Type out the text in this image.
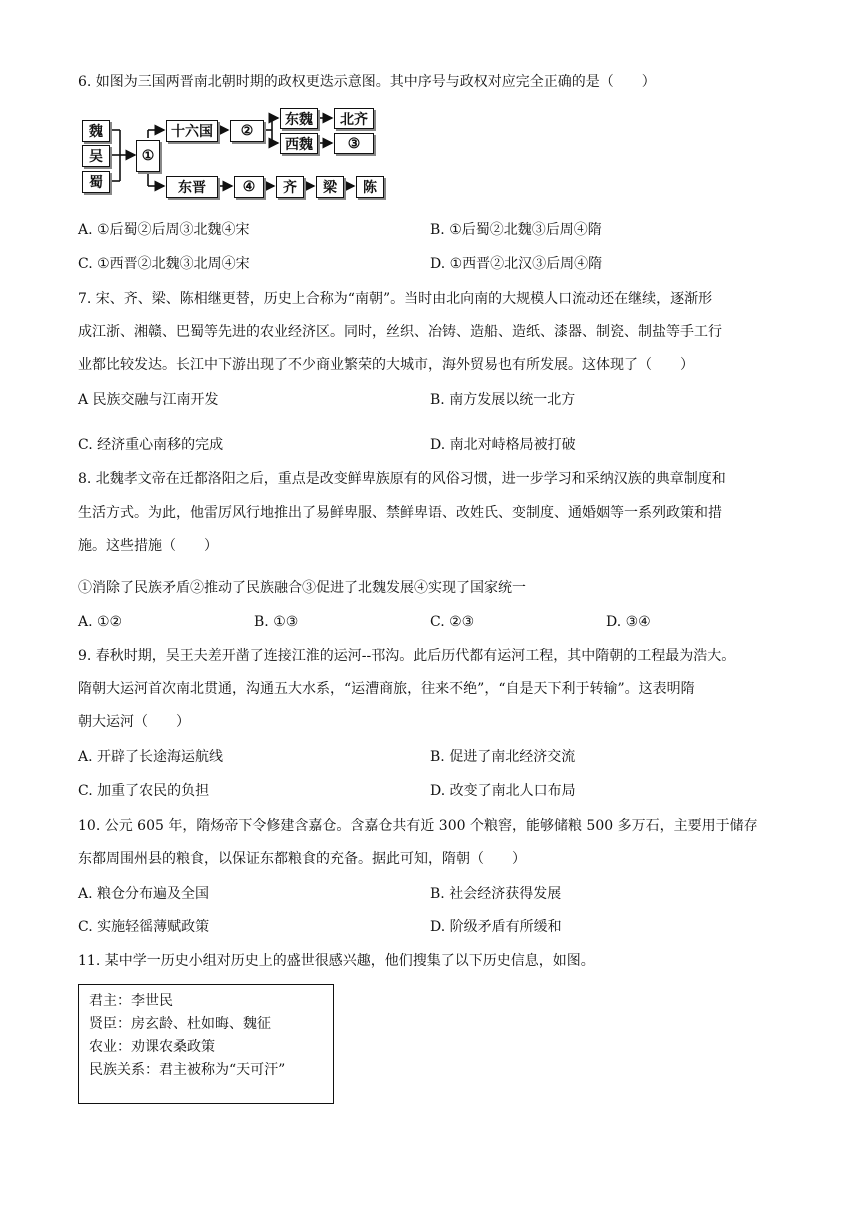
6. 如图为三国两晋南北朝时期的政权更迭示意图。其中序号与政权对应完全正确的是（　　）
魏
吴
蜀
①
十六国	②
东魏
西魏
北齐
③
东晋	④	齐	梁	陈
A. ①后蜀②后周③北魏④宋	B. ①后蜀②北魏③后周④隋
C. ①西晋②北魏③北周④宋	D. ①西晋②北汉③后周④隋
7. 宋、齐、梁、陈相继更替，历史上合称为“南朝”。当时由北向南的大规模人口流动还在继续，逐渐形
成江浙、湘赣、巴蜀等先进的农业经济区。同时，丝织、冶铸、造船、造纸、漆器、制瓷、制盐等手工行
业都比较发达。长江中下游出现了不少商业繁荣的大城市，海外贸易也有所发展。这体现了（　　）
A 民族交融与江南开发	B. 南方发展以统一北方
C. 经济重心南移的完成	D. 南北对峙格局被打破
8. 北魏孝文帝在迁都洛阳之后，重点是改变鲜卑族原有的风俗习惯，进一步学习和采纳汉族的典章制度和
生活方式。为此，他雷厉风行地推出了易鲜卑服、禁鲜卑语、改姓氏、变制度、通婚姻等一系列政策和措
施。这些措施（　　）
①消除了民族矛盾②推动了民族融合③促进了北魏发展④实现了国家统一
A. ①②	B. ①③	C. ②③	D. ③④
9. 春秋时期，吴王夫差开凿了连接江淮的运河--邗沟。此后历代都有运河工程，其中隋朝的工程最为浩大。
隋朝大运河首次南北贯通，沟通五大水系，“运漕商旅，往来不绝”，“自是天下利于转输”。这表明隋
朝大运河（　　）
A. 开辟了长途海运航线	B. 促进了南北经济交流
C. 加重了农民的负担	D. 改变了南北人口布局
10. 公元 605 年，隋炀帝下令修建含嘉仓。含嘉仓共有近 300 个粮窖，能够储粮 500 多万石，主要用于储存
东都周围州县的粮食，以保证东都粮食的充备。据此可知，隋朝（　　）
A. 粮仓分布遍及全国	B. 社会经济获得发展
C. 实施轻徭薄赋政策	D. 阶级矛盾有所缓和
11. 某中学一历史小组对历史上的盛世很感兴趣，他们搜集了以下历史信息，如图。
君主：李世民
贤臣：房玄龄、杜如晦、魏征
农业：劝课农桑政策
民族关系：君主被称为“天可汗”
